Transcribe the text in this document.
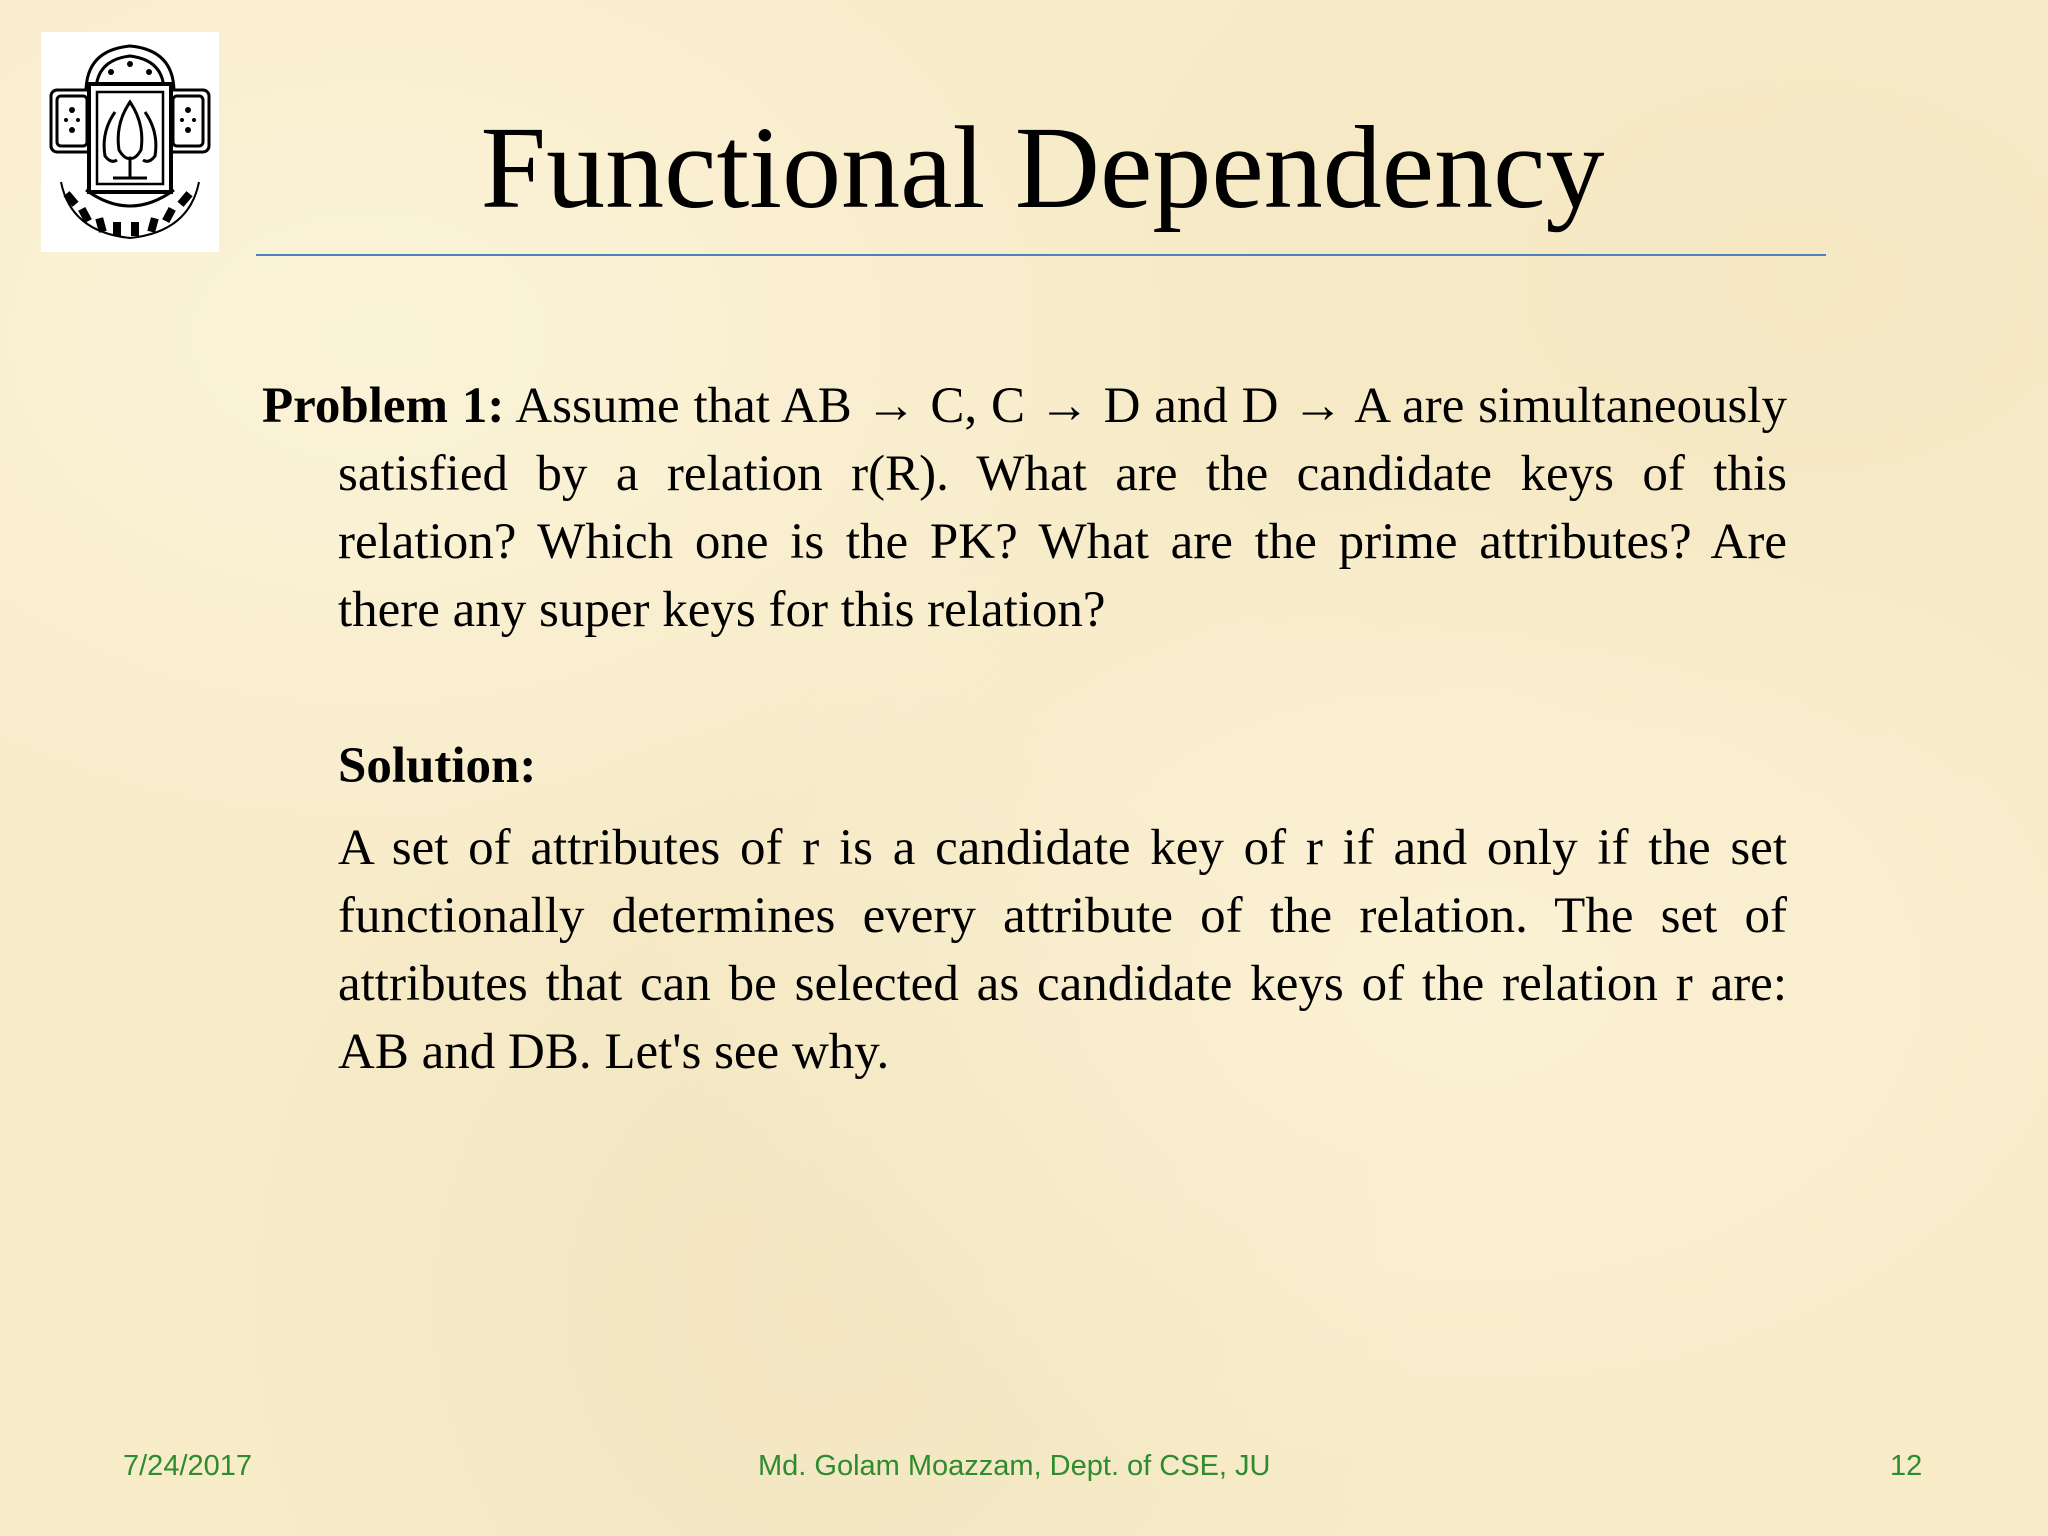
Functional Dependency

Problem 1: Assume that AB → C, C → D and D → A are simultaneously satisfied by a relation r(R). What are the candidate keys of this relation? Which one is the PK? What are the prime attributes? Are there any super keys for this relation?

Solution:

A set of attributes of r is a candidate key of r if and only if the set functionally determines every attribute of the relation. The set of attributes that can be selected as candidate keys of the relation r are: AB and DB. Let's see why.

7/24/2017	Md. Golam Moazzam, Dept. of CSE, JU	12
